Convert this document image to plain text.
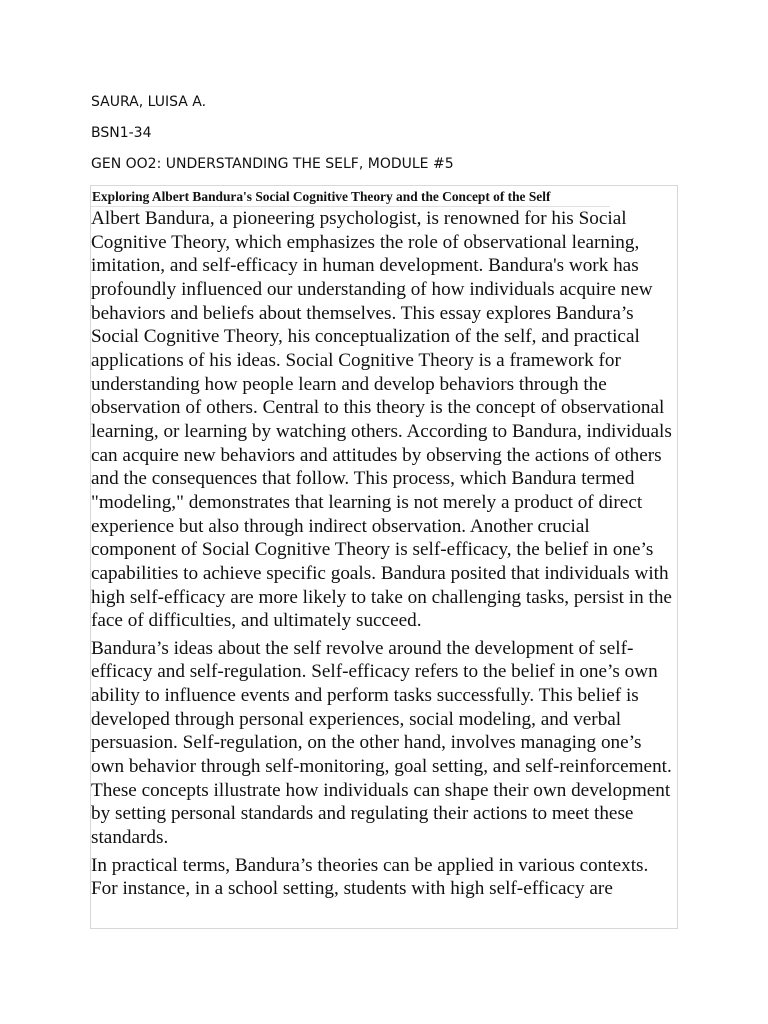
SAURA, LUISA A.
BSN1-34
GEN OO2: UNDERSTANDING THE SELF, MODULE #5
Exploring Albert Bandura's Social Cognitive Theory and the Concept of the Self

Albert Bandura, a pioneering psychologist, is renowned for his Social Cognitive Theory, which emphasizes the role of observational learning, imitation, and self-efficacy in human development. Bandura's work has profoundly influenced our understanding of how individuals acquire new behaviors and beliefs about themselves. This essay explores Bandura’s Social Cognitive Theory, his conceptualization of the self, and practical applications of his ideas. Social Cognitive Theory is a framework for understanding how people learn and develop behaviors through the observation of others. Central to this theory is the concept of observational learning, or learning by watching others. According to Bandura, individuals can acquire new behaviors and attitudes by observing the actions of others and the consequences that follow. This process, which Bandura termed "modeling," demonstrates that learning is not merely a product of direct experience but also through indirect observation. Another crucial component of Social Cognitive Theory is self-efficacy, the belief in one’s capabilities to achieve specific goals. Bandura posited that individuals with high self-efficacy are more likely to take on challenging tasks, persist in the face of difficulties, and ultimately succeed.

Bandura’s ideas about the self revolve around the development of self-efficacy and self-regulation. Self-efficacy refers to the belief in one’s own ability to influence events and perform tasks successfully. This belief is developed through personal experiences, social modeling, and verbal persuasion. Self-regulation, on the other hand, involves managing one’s own behavior through self-monitoring, goal setting, and self-reinforcement. These concepts illustrate how individuals can shape their own development by setting personal standards and regulating their actions to meet these standards.

In practical terms, Bandura’s theories can be applied in various contexts. For instance, in a school setting, students with high self-efficacy are
